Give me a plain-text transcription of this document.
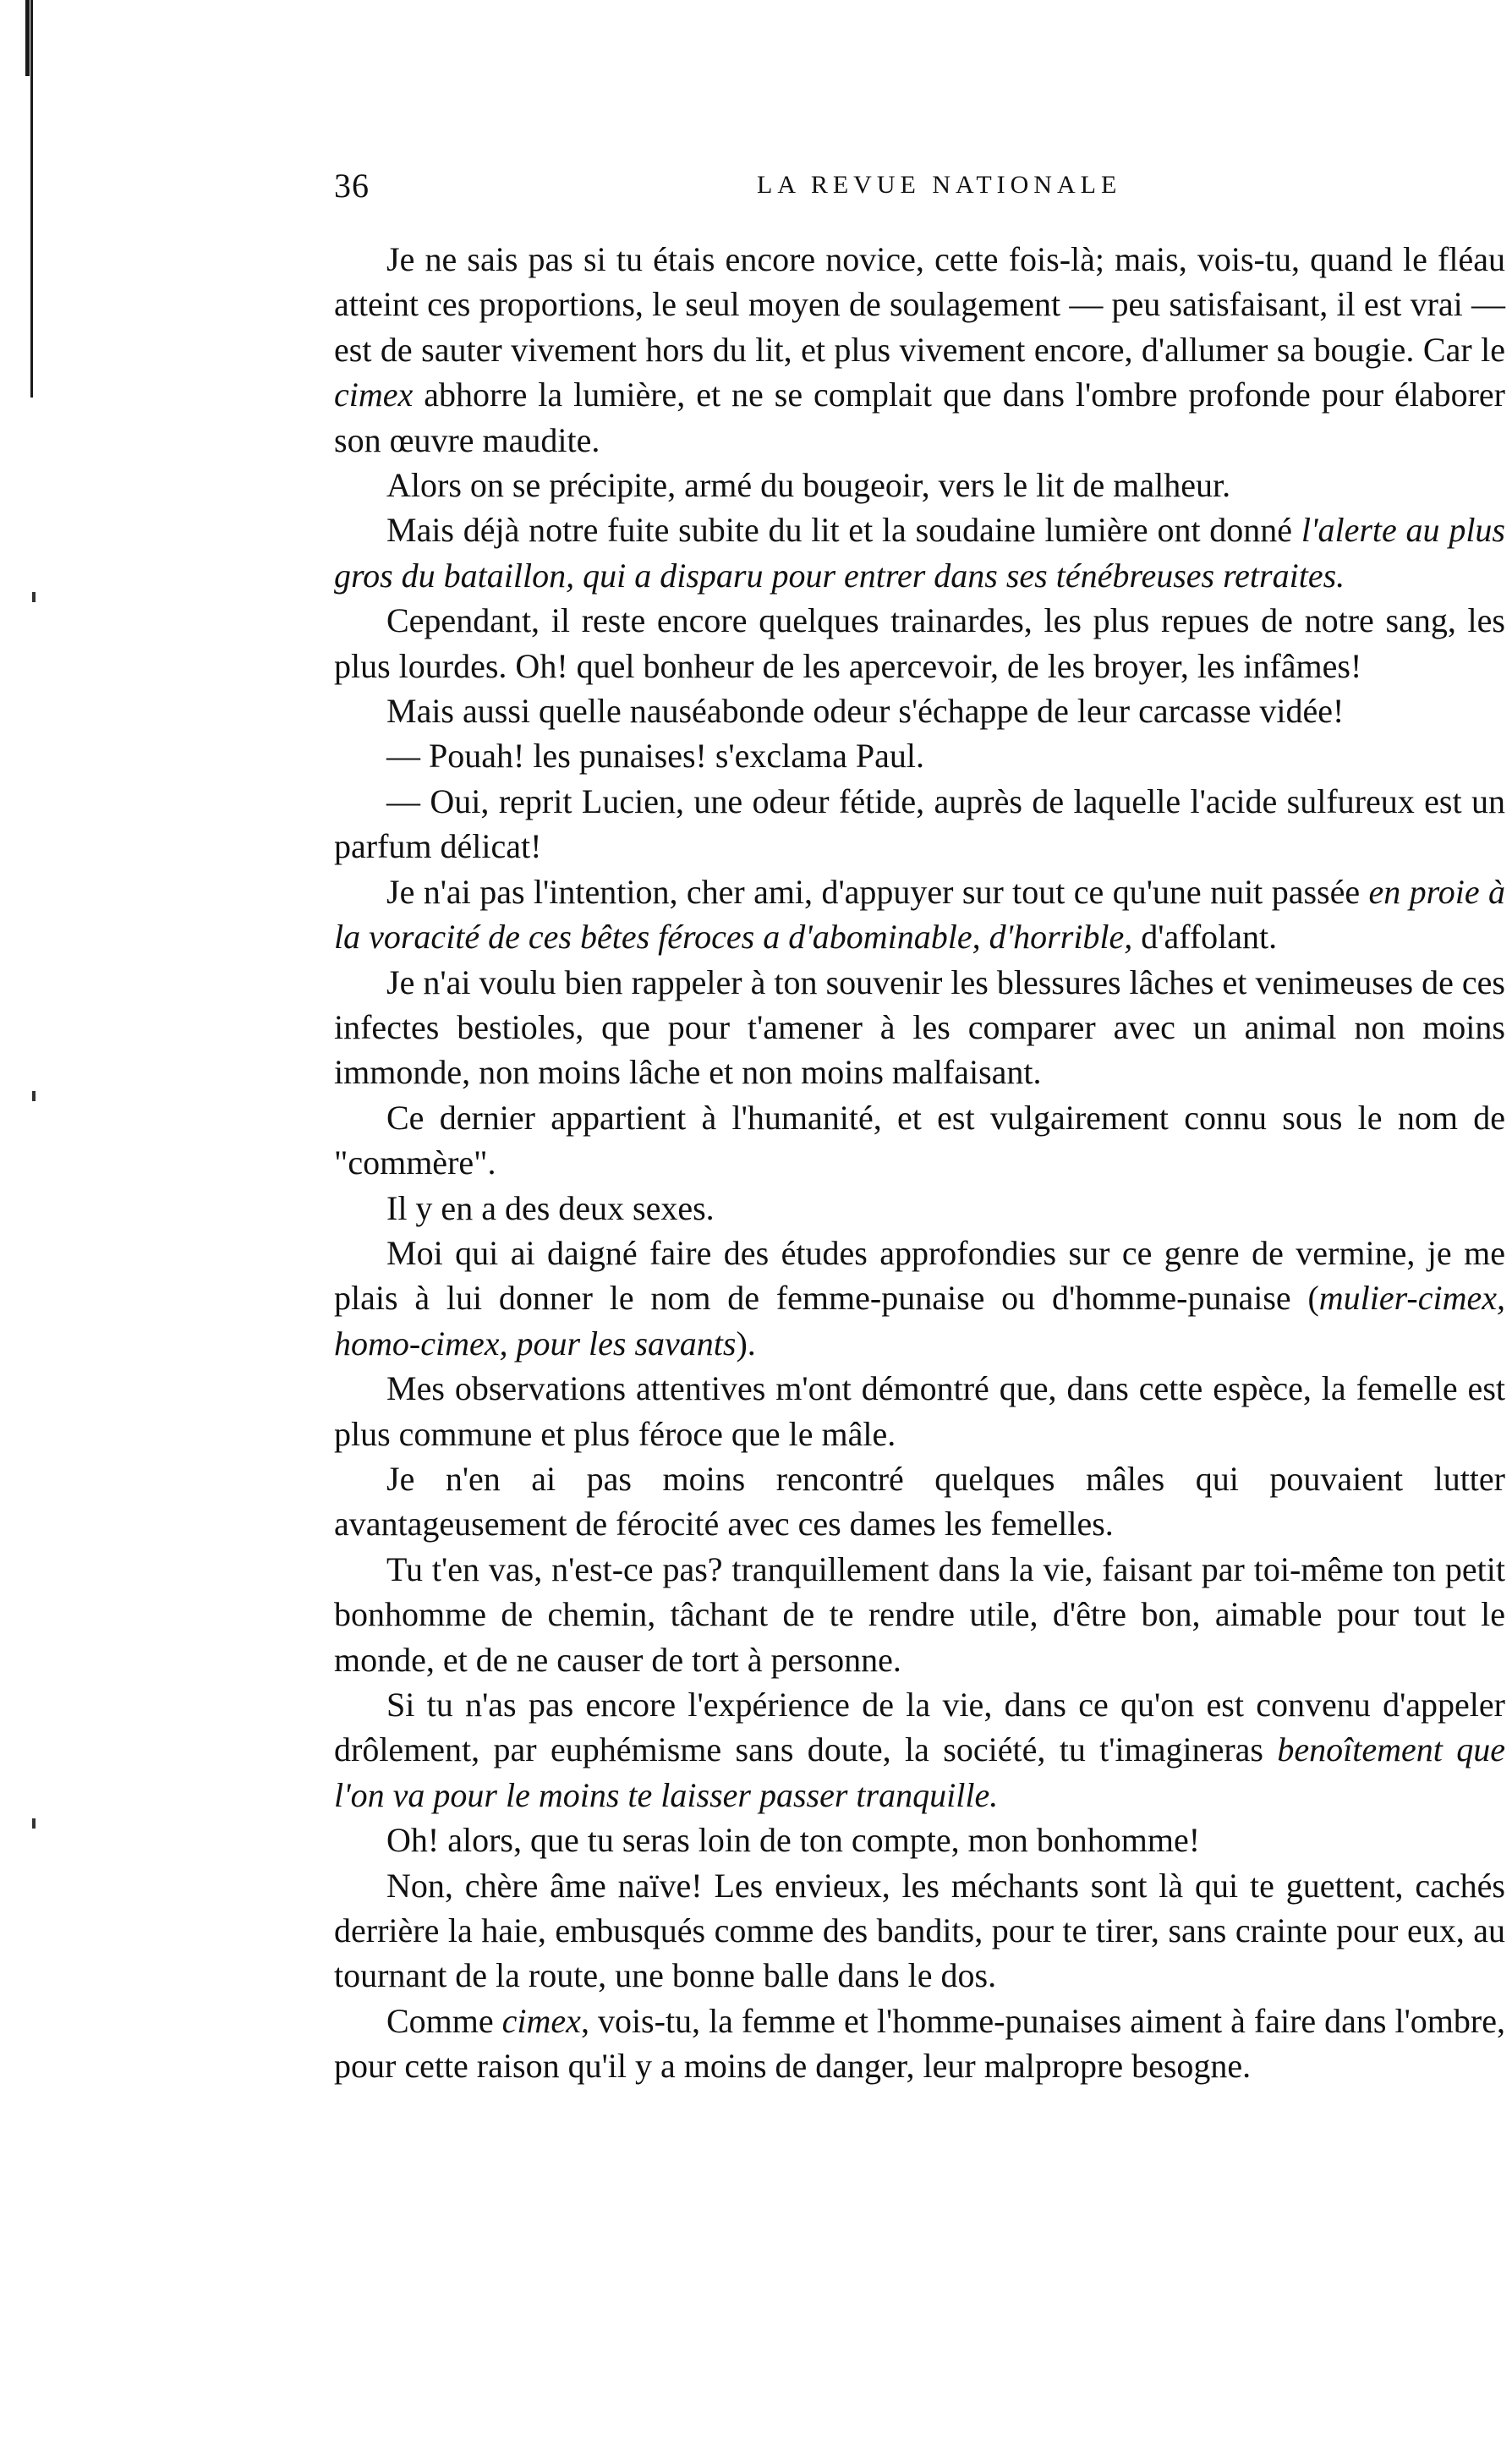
36	LA REVUE NATIONALE

Je ne sais pas si tu étais encore novice, cette fois-là; mais, vois-tu, quand le fléau atteint ces proportions, le seul moyen de soulagement — peu satisfaisant, il est vrai — est de sauter vivement hors du lit, et plus vivement encore, d'allumer sa bougie. Car le cimex abhorre la lumière, et ne se complait que dans l'ombre profonde pour élaborer son œuvre maudite.

Alors on se précipite, armé du bougeoir, vers le lit de malheur.

Mais déjà notre fuite subite du lit et la soudaine lumière ont donné l'alerte au plus gros du bataillon, qui a disparu pour entrer dans ses ténébreuses retraites.

Cependant, il reste encore quelques trainardes, les plus repues de notre sang, les plus lourdes. Oh! quel bonheur de les apercevoir, de les broyer, les infâmes!

Mais aussi quelle nauséabonde odeur s'échappe de leur carcasse vidée!

— Pouah! les punaises! s'exclama Paul.

— Oui, reprit Lucien, une odeur fétide, auprès de laquelle l'acide sulfureux est un parfum délicat!

Je n'ai pas l'intention, cher ami, d'appuyer sur tout ce qu'une nuit passée en proie à la voracité de ces bêtes féroces a d'abominable, d'horrible, d'affolant.

Je n'ai voulu bien rappeler à ton souvenir les blessures lâches et venimeuses de ces infectes bestioles, que pour t'amener à les comparer avec un animal non moins immonde, non moins lâche et non moins malfaisant.

Ce dernier appartient à l'humanité, et est vulgairement connu sous le nom de "commère".

Il y en a des deux sexes.

Moi qui ai daigné faire des études approfondies sur ce genre de vermine, je me plais à lui donner le nom de femme-punaise ou d'homme-punaise (mulier-cimex, homo-cimex, pour les savants).

Mes observations attentives m'ont démontré que, dans cette espèce, la femelle est plus commune et plus féroce que le mâle.

Je n'en ai pas moins rencontré quelques mâles qui pouvaient lutter avantageusement de férocité avec ces dames les femelles.

Tu t'en vas, n'est-ce pas? tranquillement dans la vie, faisant par toi-même ton petit bonhomme de chemin, tâchant de te rendre utile, d'être bon, aimable pour tout le monde, et de ne causer de tort à personne.

Si tu n'as pas encore l'expérience de la vie, dans ce qu'on est convenu d'appeler drôlement, par euphémisme sans doute, la société, tu t'imagineras benoîtement que l'on va pour le moins te laisser passer tranquille.

Oh! alors, que tu seras loin de ton compte, mon bonhomme!

Non, chère âme naïve! Les envieux, les méchants sont là qui te guettent, cachés derrière la haie, embusqués comme des bandits, pour te tirer, sans crainte pour eux, au tournant de la route, une bonne balle dans le dos.

Comme cimex, vois-tu, la femme et l'homme-punaises aiment à faire dans l'ombre, pour cette raison qu'il y a moins de danger, leur malpropre besogne.
